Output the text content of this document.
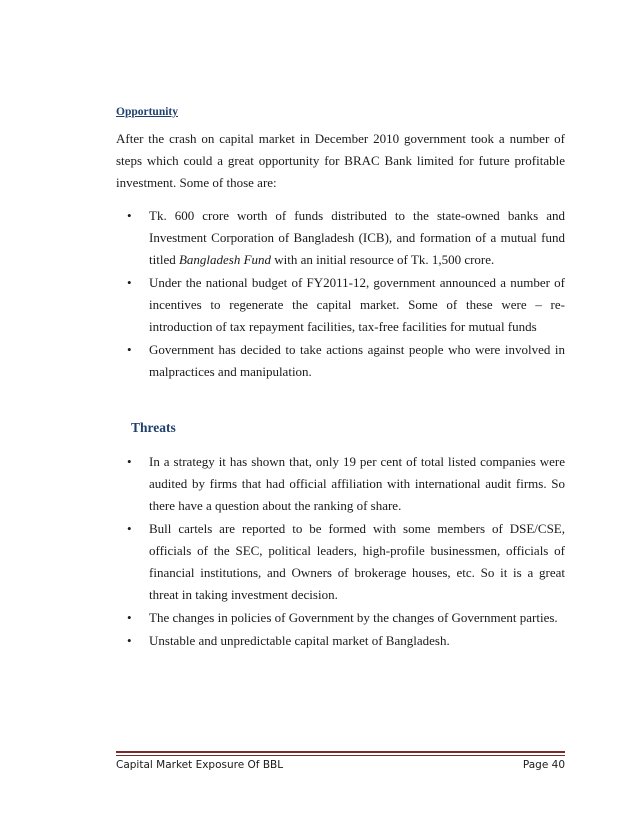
Opportunity

After the crash on capital market in December 2010 government took a number of steps which could a great opportunity for BRAC Bank limited for future profitable investment. Some of those are:

• Tk. 600 crore worth of funds distributed to the state-owned banks and Investment Corporation of Bangladesh (ICB), and formation of a mutual fund titled Bangladesh Fund with an initial resource of Tk. 1,500 crore.
• Under the national budget of FY2011-12, government announced a number of incentives to regenerate the capital market. Some of these were – re-introduction of tax repayment facilities, tax-free facilities for mutual funds
• Government has decided to take actions against people who were involved in malpractices and manipulation.
Threats
• In a strategy it has shown that, only 19 per cent of total listed companies were audited by firms that had official affiliation with international audit firms. So there have a question about the ranking of share.
• Bull cartels are reported to be formed with some members of DSE/CSE, officials of the SEC, political leaders, high-profile businessmen, officials of financial institutions, and Owners of brokerage houses, etc. So it is a great threat in taking investment decision.
• The changes in policies of Government by the changes of Government parties.
• Unstable and unpredictable capital market of Bangladesh.
Capital Market Exposure Of BBL	Page 40
